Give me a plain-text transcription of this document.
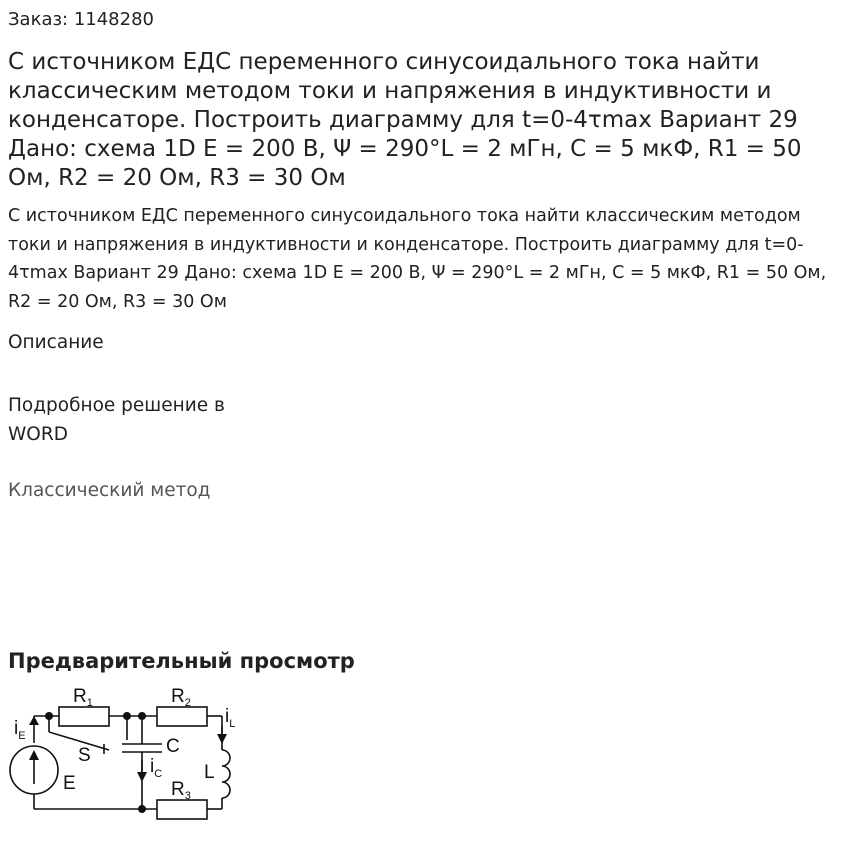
Заказ: 1148280
С источником ЕДС переменного синусоидального тока найти классическим методом токи и напряжения в индуктивности и конденсаторе. Построить диаграмму для t=0-4τmax Вариант 29 Дано: схема 1D E = 200 В, Ψ = 290°L = 2 мГн, C = 5 мкФ, R1 = 50 Ом, R2 = 20 Ом, R3 = 30 Ом

С источником ЕДС переменного синусоидального тока найти классическим методом токи и напряжения в индуктивности и конденсаторе. Построить диаграмму для t=0-4τmax Вариант 29 Дано: схема 1D E = 200 В, Ψ = 290°L = 2 мГн, C = 5 мкФ, R1 = 50 Ом, R2 = 20 Ом, R3 = 30 Ом

Описание
Подробное решение в WORD
Классический метод
Предварительный просмотр
$R_1$	$R_2$
$R_3$
$i_E$
$i_L$
$i_C$
C
L
E
S
